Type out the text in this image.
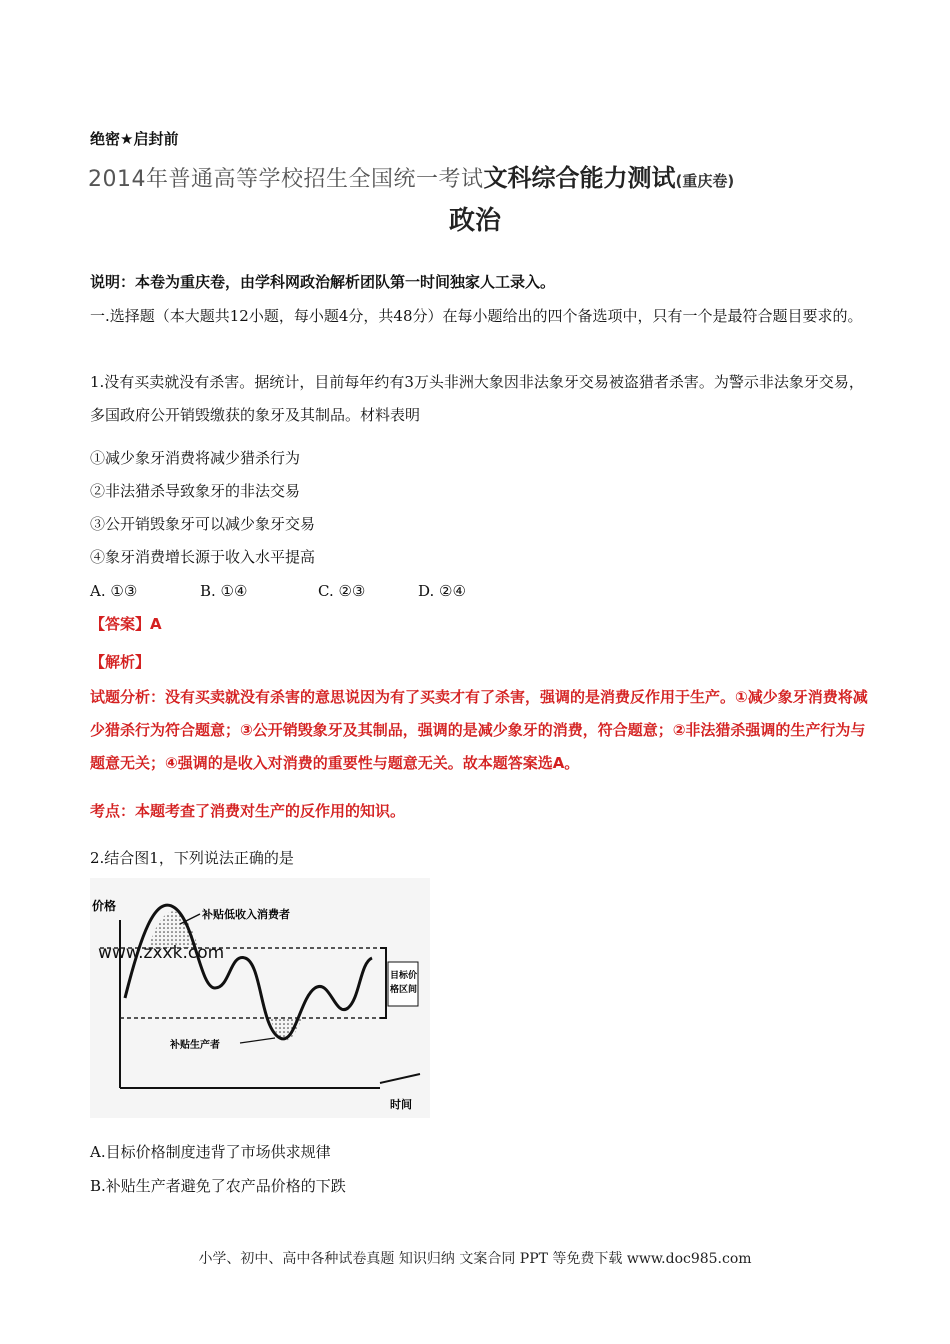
绝密★启封前
2014年普通高等学校招生全国统一考试文科综合能力测试(重庆卷)
政治
说明：本卷为重庆卷，由学科网政治解析团队第一时间独家人工录入。
一.选择题（本大题共12小题，每小题4分，共48分）在每小题给出的四个备选项中，只有一个是最符合题目要求的。
1.没有买卖就没有杀害。据统计，目前每年约有3万头非洲大象因非法象牙交易被盗猎者杀害。为警示非法象牙交易，多国政府公开销毁缴获的象牙及其制品。材料表明
①减少象牙消费将减少猎杀行为
②非法猎杀导致象牙的非法交易
③公开销毁象牙可以减少象牙交易
④象牙消费增长源于收入水平提高
A. ①③	B. ①④	C. ②③	D. ②④
【答案】A
【解析】
试题分析：没有买卖就没有杀害的意思说因为有了买卖才有了杀害，强调的是消费反作用于生产。①减少象牙消费将减少猎杀行为符合题意；③公开销毁象牙及其制品，强调的是减少象牙的消费，符合题意；②非法猎杀强调的生产行为与题意无关；④强调的是收入对消费的重要性与题意无关。故本题答案选A。
考点：本题考查了消费对生产的反作用的知识。
2.结合图1，下列说法正确的是
价格
时间
补贴低收入消费者
补贴生产者
目标价格区间
www.zxxk.com
A.目标价格制度违背了市场供求规律
B.补贴生产者避免了农产品价格的下跌
小学、初中、高中各种试卷真题 知识归纳 文案合同 PPT 等免费下载 www.doc985.com
